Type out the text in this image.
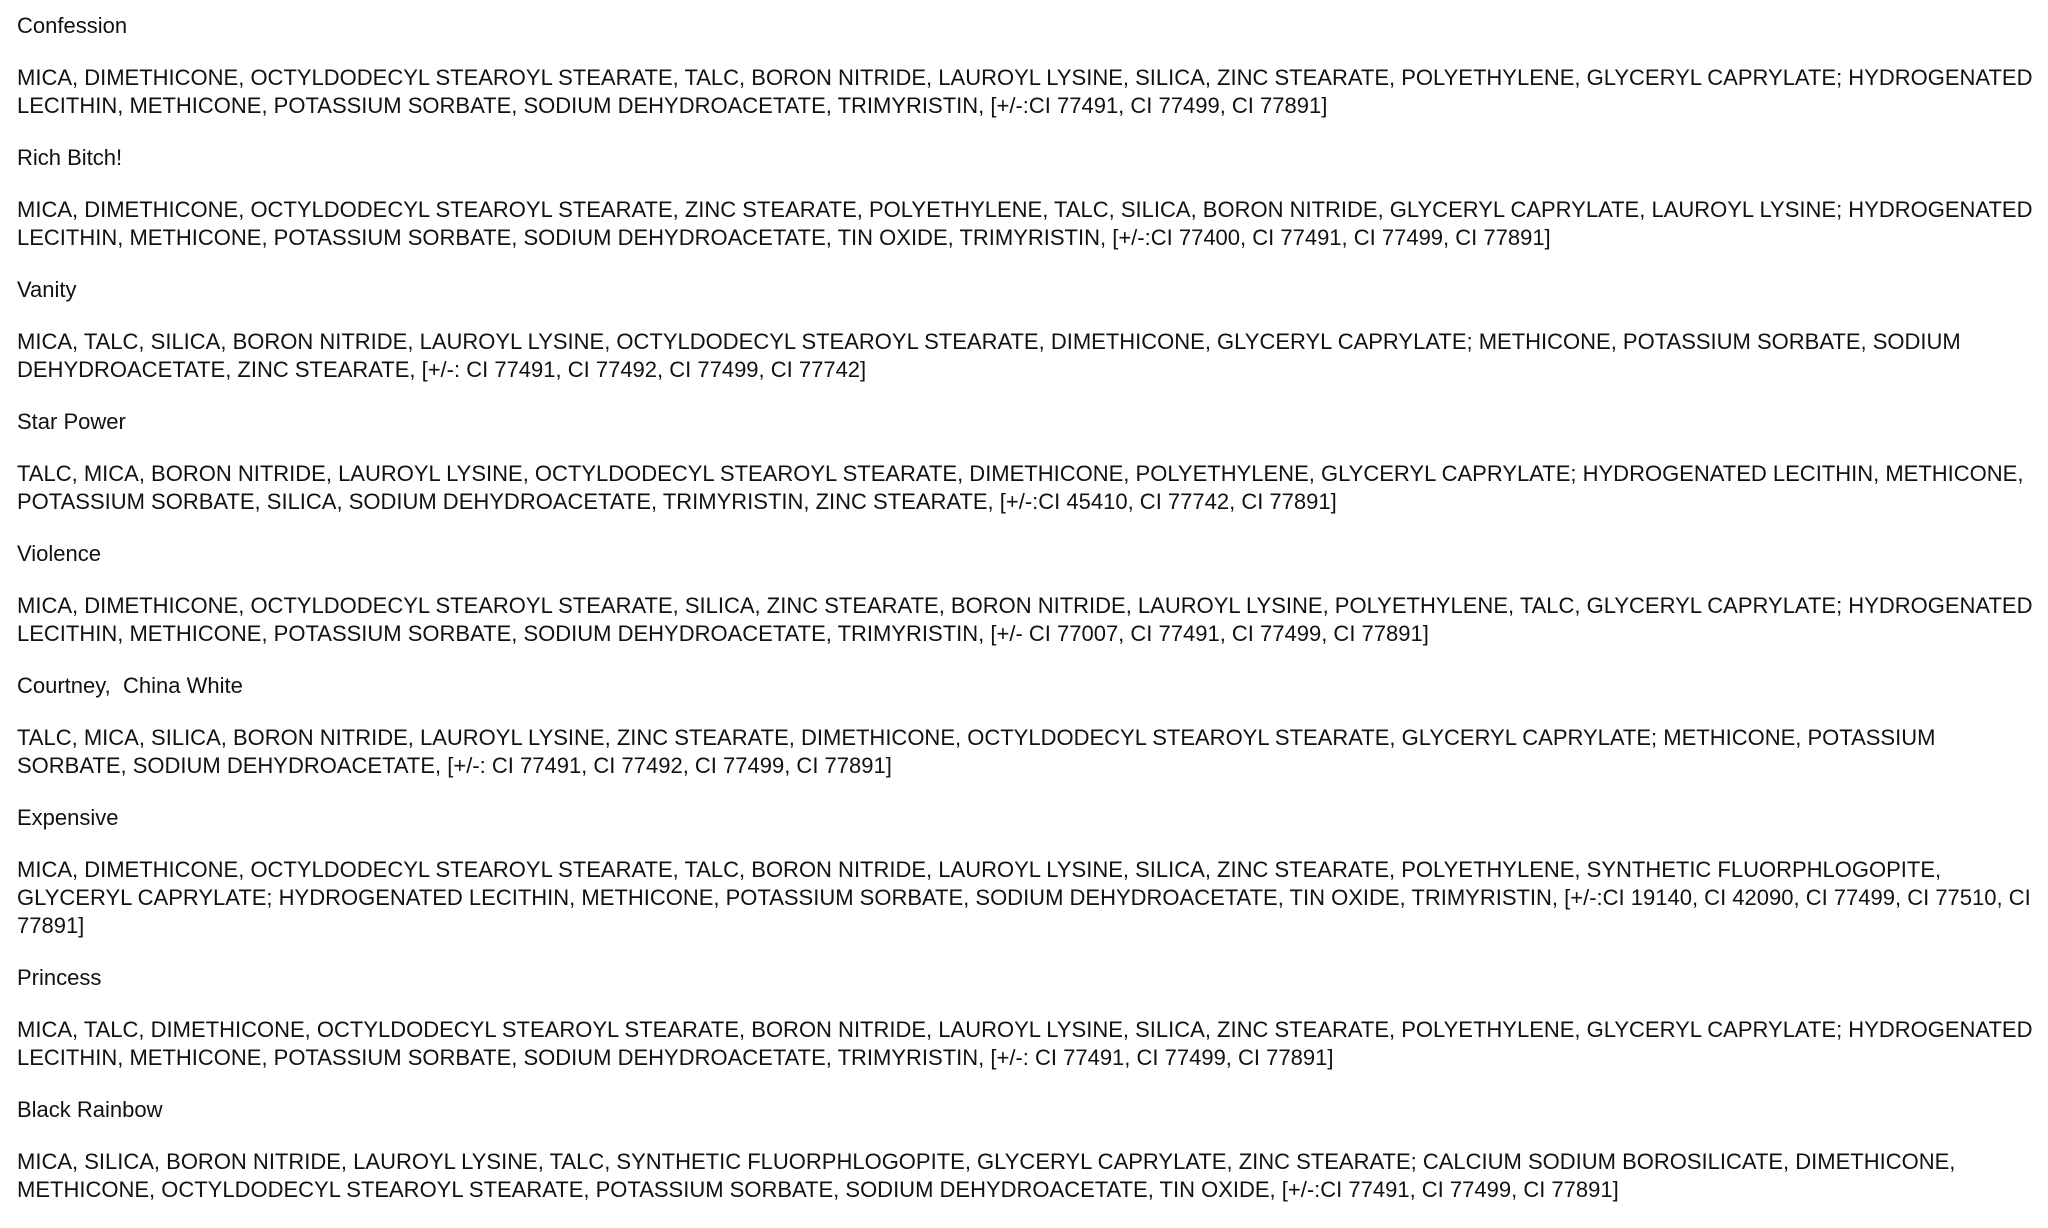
Confession

MICA, DIMETHICONE, OCTYLDODECYL STEAROYL STEARATE, TALC, BORON NITRIDE, LAUROYL LYSINE, SILICA, ZINC STEARATE, POLYETHYLENE, GLYCERYL CAPRYLATE; HYDROGENATED LECITHIN, METHICONE, POTASSIUM SORBATE, SODIUM DEHYDROACETATE, TRIMYRISTIN, [+/-:CI 77491, CI 77499, CI 77891]

Rich Bitch!

MICA, DIMETHICONE, OCTYLDODECYL STEAROYL STEARATE, ZINC STEARATE, POLYETHYLENE, TALC, SILICA, BORON NITRIDE, GLYCERYL CAPRYLATE, LAUROYL LYSINE; HYDROGENATED LECITHIN, METHICONE, POTASSIUM SORBATE, SODIUM DEHYDROACETATE, TIN OXIDE, TRIMYRISTIN, [+/-:CI 77400, CI 77491, CI 77499, CI 77891]

Vanity

MICA, TALC, SILICA, BORON NITRIDE, LAUROYL LYSINE, OCTYLDODECYL STEAROYL STEARATE, DIMETHICONE, GLYCERYL CAPRYLATE; METHICONE, POTASSIUM SORBATE, SODIUM DEHYDROACETATE, ZINC STEARATE, [+/-: CI 77491, CI 77492, CI 77499, CI 77742]

Star Power

TALC, MICA, BORON NITRIDE, LAUROYL LYSINE, OCTYLDODECYL STEAROYL STEARATE, DIMETHICONE, POLYETHYLENE, GLYCERYL CAPRYLATE; HYDROGENATED LECITHIN, METHICONE, POTASSIUM SORBATE, SILICA, SODIUM DEHYDROACETATE, TRIMYRISTIN, ZINC STEARATE, [+/-:CI 45410, CI 77742, CI 77891]

Violence

MICA, DIMETHICONE, OCTYLDODECYL STEAROYL STEARATE, SILICA, ZINC STEARATE, BORON NITRIDE, LAUROYL LYSINE, POLYETHYLENE, TALC, GLYCERYL CAPRYLATE; HYDROGENATED LECITHIN, METHICONE, POTASSIUM SORBATE, SODIUM DEHYDROACETATE, TRIMYRISTIN, [+/- CI 77007, CI 77491, CI 77499, CI 77891]

Courtney,  China White

TALC, MICA, SILICA, BORON NITRIDE, LAUROYL LYSINE, ZINC STEARATE, DIMETHICONE, OCTYLDODECYL STEAROYL STEARATE, GLYCERYL CAPRYLATE; METHICONE, POTASSIUM SORBATE, SODIUM DEHYDROACETATE, [+/-: CI 77491, CI 77492, CI 77499, CI 77891]

Expensive

MICA, DIMETHICONE, OCTYLDODECYL STEAROYL STEARATE, TALC, BORON NITRIDE, LAUROYL LYSINE, SILICA, ZINC STEARATE, POLYETHYLENE, SYNTHETIC FLUORPHLOGOPITE, GLYCERYL CAPRYLATE; HYDROGENATED LECITHIN, METHICONE, POTASSIUM SORBATE, SODIUM DEHYDROACETATE, TIN OXIDE, TRIMYRISTIN, [+/-:CI 19140, CI 42090, CI 77499, CI 77510, CI 77891]

Princess

MICA, TALC, DIMETHICONE, OCTYLDODECYL STEAROYL STEARATE, BORON NITRIDE, LAUROYL LYSINE, SILICA, ZINC STEARATE, POLYETHYLENE, GLYCERYL CAPRYLATE; HYDROGENATED LECITHIN, METHICONE, POTASSIUM SORBATE, SODIUM DEHYDROACETATE, TRIMYRISTIN, [+/-: CI 77491, CI 77499, CI 77891]

Black Rainbow

MICA, SILICA, BORON NITRIDE, LAUROYL LYSINE, TALC, SYNTHETIC FLUORPHLOGOPITE, GLYCERYL CAPRYLATE, ZINC STEARATE; CALCIUM SODIUM BOROSILICATE, DIMETHICONE, METHICONE, OCTYLDODECYL STEAROYL STEARATE, POTASSIUM SORBATE, SODIUM DEHYDROACETATE, TIN OXIDE, [+/-:CI 77491, CI 77499, CI 77891]
